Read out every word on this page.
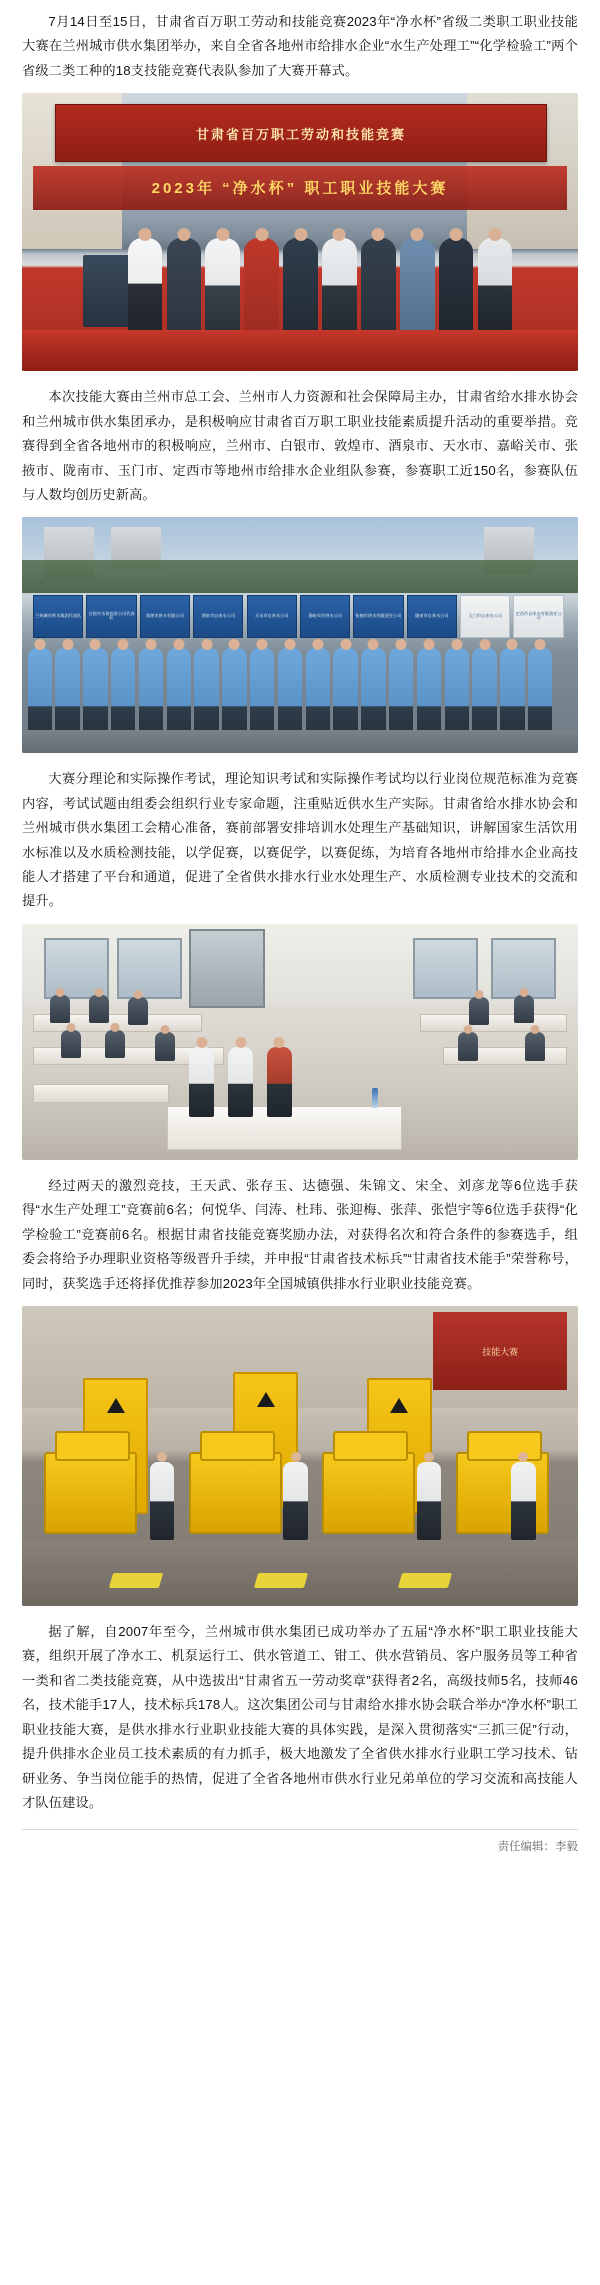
7月14日至15日，甘肃省百万职工劳动和技能竞赛2023年“净水杯”省级二类职工职业技能大赛在兰州城市供水集团举办，来自全省各地州市给排水企业“水生产处理工”“化学检验工”两个省级二类工种的18支技能竞赛代表队参加了大赛开幕式。

甘肃省百万职工劳动和技能竞赛
2023年 “净水杯” 职工职业技能大赛

本次技能大赛由兰州市总工会、兰州市人力资源和社会保障局主办，甘肃省给水排水协会和兰州城市供水集团承办，是积极响应甘肃省百万职工职业技能素质提升活动的重要举措。竞赛得到全省各地州市的积极响应，兰州市、白银市、敦煌市、酒泉市、天水市、嘉峪关市、张掖市、陇南市、玉门市、定西市等地州市给排水企业组队参赛，参赛职工近150名，参赛队伍与人数均创历史新高。

兰州城市供水集团代表队	白银市水务投资公司代表队	敦煌市供水有限公司	酒泉市自来水公司	天水市自来水公司	嘉峪关市供水公司	张掖市供水有限责任公司	陇南市自来水公司	玉门市自来水公司	定西市自来水有限责任公司

大赛分理论和实际操作考试，理论知识考试和实际操作考试均以行业岗位规范标准为竞赛内容，考试试题由组委会组织行业专家命题，注重贴近供水生产实际。甘肃省给水排水协会和兰州城市供水集团工会精心准备，赛前部署安排培训水处理生产基础知识，讲解国家生活饮用水标准以及水质检测技能，以学促赛，以赛促学，以赛促练，为培育各地州市给排水企业高技能人才搭建了平台和通道，促进了全省供水排水行业水处理生产、水质检测专业技术的交流和提升。

经过两天的激烈竞技，王天武、张存玉、达德强、朱锦文、宋全、刘彦龙等6位选手获得“水生产处理工”竞赛前6名；何悦华、闫涛、杜玮、张迎梅、张萍、张恺宇等6位选手获得“化学检验工”竞赛前6名。根据甘肃省技能竞赛奖励办法，对获得名次和符合条件的参赛选手，组委会将给予办理职业资格等级晋升手续，并申报“甘肃省技术标兵”“甘肃省技术能手”荣誉称号，同时，获奖选手还将择优推荐参加2023年全国城镇供排水行业职业技能竞赛。

技能大赛

据了解，自2007年至今，兰州城市供水集团已成功举办了五届“净水杯”职工职业技能大赛，组织开展了净水工、机泵运行工、供水管道工、钳工、供水营销员、客户服务员等工种省一类和省二类技能竞赛，从中选拔出“甘肃省五一劳动奖章”获得者2名，高级技师5名，技师46名，技术能手17人，技术标兵178人。这次集团公司与甘肃给水排水协会联合举办“净水杯”职工职业技能大赛，是供水排水行业职业技能大赛的具体实践，是深入贯彻落实“三抓三促”行动，提升供排水企业员工技术素质的有力抓手，极大地激发了全省供水排水行业职工学习技术、钻研业务、争当岗位能手的热情，促进了全省各地州市供水行业兄弟单位的学习交流和高技能人才队伍建设。

责任编辑：李毅
